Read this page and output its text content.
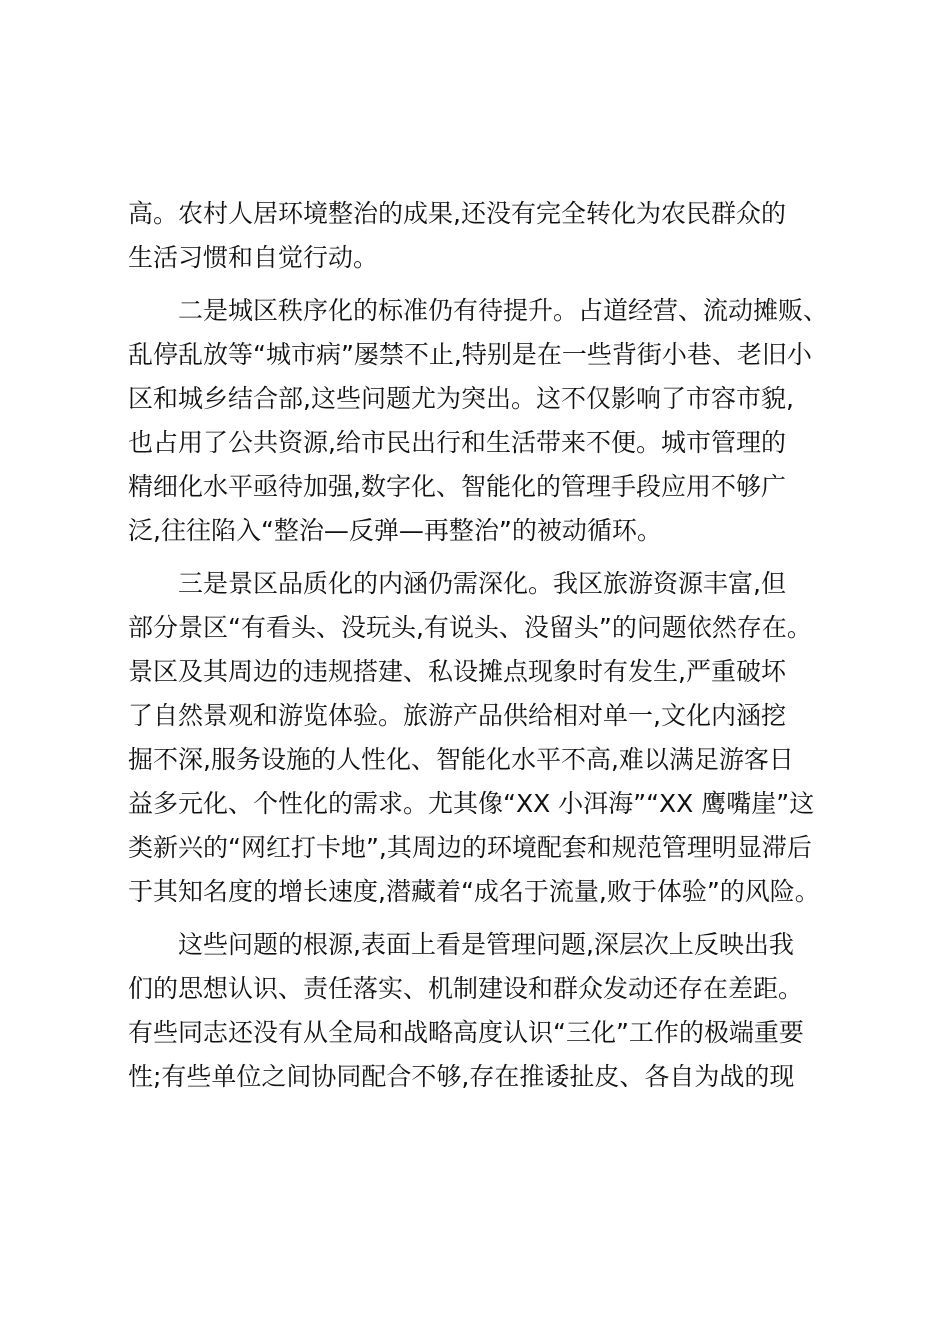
高。农村人居环境整治的成果,还没有完全转化为农民群众的
生活习惯和自觉行动。
二是城区秩序化的标准仍有待提升。占道经营、流动摊贩、
乱停乱放等“城市病”屡禁不止,特别是在一些背街小巷、老旧小
区和城乡结合部,这些问题尤为突出。这不仅影响了市容市貌,
也占用了公共资源,给市民出行和生活带来不便。城市管理的
精细化水平亟待加强,数字化、智能化的管理手段应用不够广
泛,往往陷入“整治—反弹—再整治”的被动循环。
三是景区品质化的内涵仍需深化。我区旅游资源丰富,但
部分景区“有看头、没玩头,有说头、没留头”的问题依然存在。
景区及其周边的违规搭建、私设摊点现象时有发生,严重破坏
了自然景观和游览体验。旅游产品供给相对单一,文化内涵挖
掘不深,服务设施的人性化、智能化水平不高,难以满足游客日
益多元化、个性化的需求。尤其像“XX 小洱海”“XX 鹰嘴崖”这
类新兴的“网红打卡地”,其周边的环境配套和规范管理明显滞后
于其知名度的增长速度,潜藏着“成名于流量,败于体验”的风险。
这些问题的根源,表面上看是管理问题,深层次上反映出我
们的思想认识、责任落实、机制建设和群众发动还存在差距。
有些同志还没有从全局和战略高度认识“三化”工作的极端重要
性;有些单位之间协同配合不够,存在推诿扯皮、各自为战的现
